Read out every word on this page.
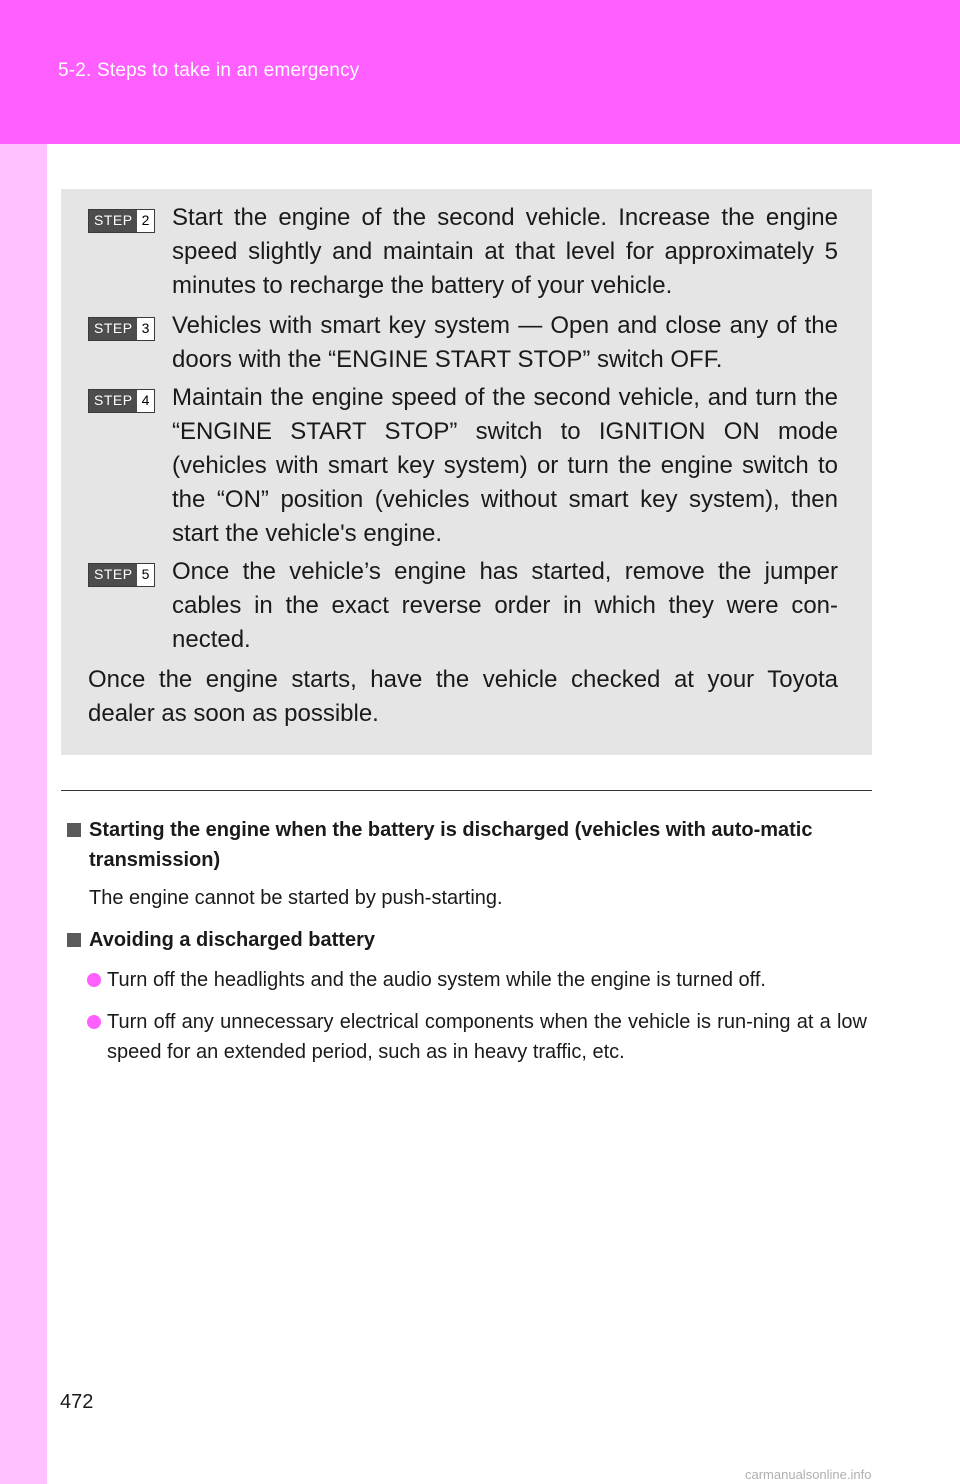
5-2. Steps to take in an emergency
STEP 2 Start the engine of the second vehicle. Increase the engine speed slightly and maintain at that level for approximately 5 minutes to recharge the battery of your vehicle.
STEP 3 Vehicles with smart key system — Open and close any of the doors with the “ENGINE START STOP” switch OFF.
STEP 4 Maintain the engine speed of the second vehicle, and turn the “ENGINE START STOP” switch to IGNITION ON mode (vehicles with smart key system) or turn the engine switch to the “ON” position (vehicles without smart key system), then start the vehicle's engine.
STEP 5 Once the vehicle’s engine has started, remove the jumper cables in the exact reverse order in which they were con-nected.
Once the engine starts, have the vehicle checked at your Toyota dealer as soon as possible.

Starting the engine when the battery is discharged (vehicles with auto-matic transmission)

The engine cannot be started by push-starting.

Avoiding a discharged battery

Turn off the headlights and the audio system while the engine is turned off.
Turn off any unnecessary electrical components when the vehicle is run-ning at a low speed for an extended period, such as in heavy traffic, etc.
472
carmanualsonline.info
